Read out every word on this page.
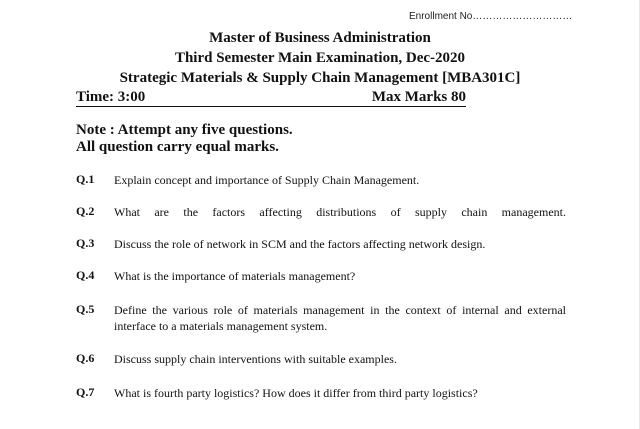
Enrollment No…………………………
Master of Business Administration
Third Semester Main Examination, Dec-2020
Strategic Materials & Supply Chain Management [MBA301C]
Time: 3:00	Max Marks 80
Note : Attempt any five questions.
All question carry equal marks.
Q.1 Explain concept and importance of Supply Chain Management.
Q.2 What are the factors affecting distributions of supply chain management.
Q.3 Discuss the role of network in SCM and the factors affecting network design.
Q.4 What is the importance of materials management?
Q.5 Define the various role of materials management in the context of internal and external interface to a materials management system.
Q.6 Discuss supply chain interventions with suitable examples.
Q.7 What is fourth party logistics? How does it differ from third party logistics?
